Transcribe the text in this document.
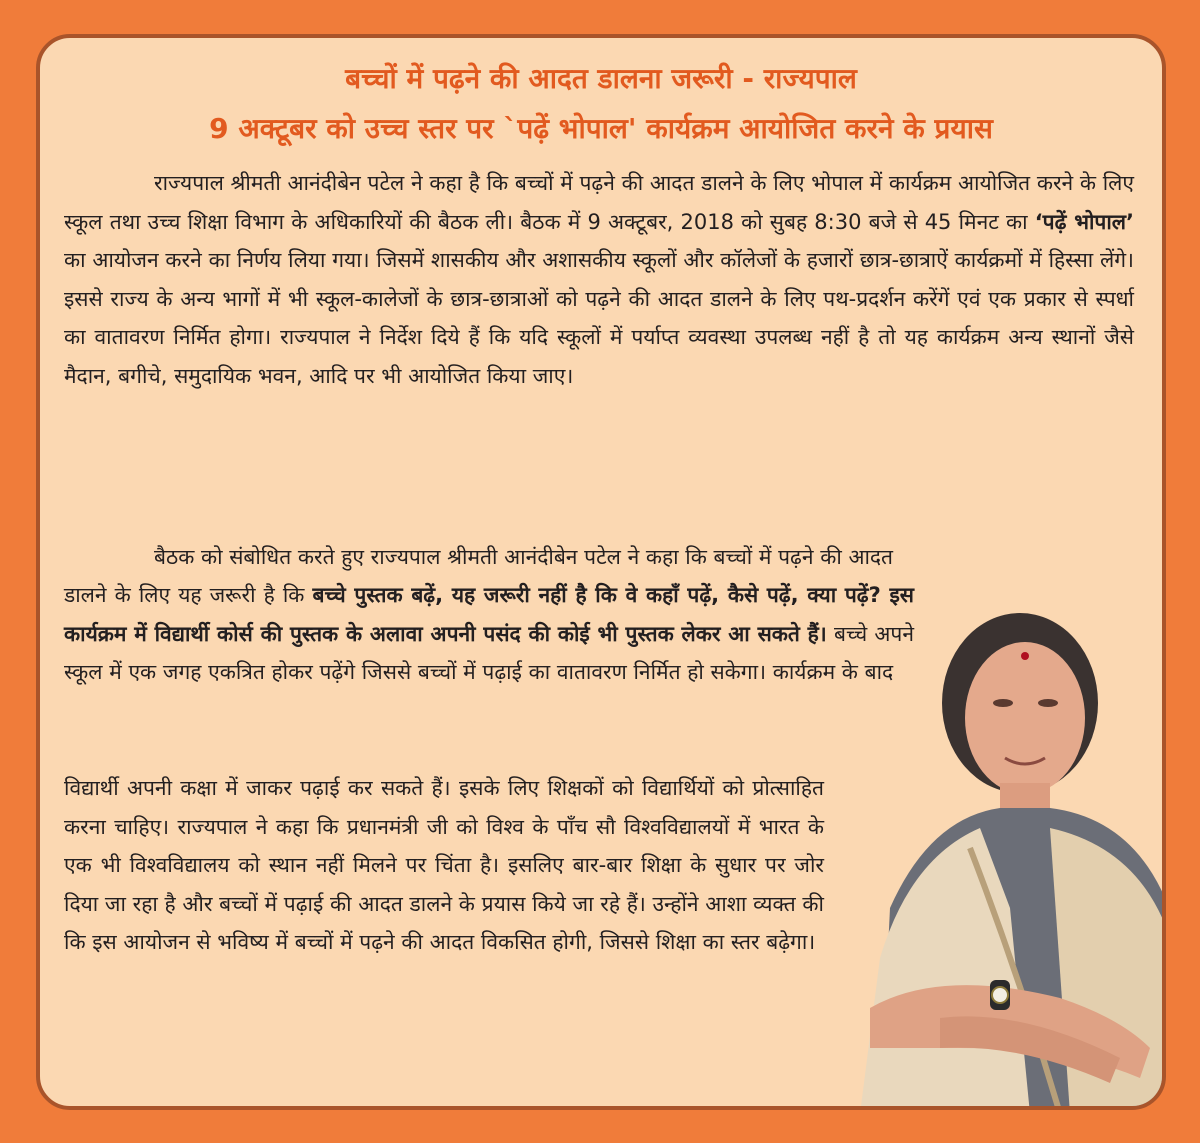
बच्चों में पढ़ने की आदत डालना जरूरी - राज्यपाल
9 अक्टूबर को उच्च स्तर पर `पढ़ें भोपाल' कार्यक्रम आयोजित करने के प्रयास

राज्यपाल श्रीमती आनंदीबेन पटेल ने कहा है कि बच्चों में पढ़ने की आदत डालने के लिए भोपाल में कार्यक्रम आयोजित करने के लिए स्कूल तथा उच्च शिक्षा विभाग के अधिकारियों की बैठक ली। बैठक में 9 अक्टूबर, 2018 को सुबह 8:30 बजे से 45 मिनट का ‘पढ़ें भोपाल’ का आयोजन करने का निर्णय लिया गया। जिसमें शासकीय और अशासकीय स्कूलों और कॉलेजों के हजारों छात्र-छात्राऐं कार्यक्रमों में हिस्सा लेंगे। इससे राज्य के अन्य भागों में भी स्कूल-कालेजों के छात्र-छात्राओं को पढ़ने की आदत डालने के लिए पथ-प्रदर्शन करेंगें एवं एक प्रकार से स्पर्धा का वातावरण निर्मित होगा। राज्यपाल ने निर्देश दिये हैं कि यदि स्कूलों में पर्याप्त व्यवस्था उपलब्ध नहीं है तो यह कार्यक्रम अन्य स्थानों जैसे मैदान, बगीचे, समुदायिक भवन, आदि पर भी आयोजित किया जाए।

बैठक को संबोधित करते हुए राज्यपाल श्रीमती आनंदीबेन पटेल ने कहा कि बच्चों में पढ़ने की आदत

डालने के लिए यह जरूरी है कि बच्चे पुस्तक बढ़ें, यह जरूरी नहीं है कि वे कहाँ पढ़ें, कैसे पढ़ें, क्या पढ़ें? इस कार्यक्रम में विद्यार्थी कोर्स की पुस्तक के अलावा अपनी पसंद की कोई भी पुस्तक लेकर आ सकते हैं। बच्चे अपने स्कूल में एक जगह एकत्रित होकर पढ़ेंगे जिससे बच्चों में पढ़ाई का वातावरण निर्मित हो सकेगा। कार्यक्रम के बाद

विद्यार्थी अपनी कक्षा में जाकर पढ़ाई कर सकते हैं। इसके लिए शिक्षकों को विद्यार्थियों को प्रोत्साहित करना चाहिए। राज्यपाल ने कहा कि प्रधानमंत्री जी को विश्व के पाँच सौ विश्वविद्यालयों में भारत के एक भी विश्वविद्यालय को स्थान नहीं मिलने पर चिंता है। इसलिए बार-बार शिक्षा के सुधार पर जोर दिया जा रहा है और बच्चों में पढ़ाई की आदत डालने के प्रयास किये जा रहे हैं। उन्होंने आशा व्यक्त की कि इस आयोजन से भविष्य में बच्चों में पढ़ने की आदत विकसित होगी, जिससे शिक्षा का स्तर बढ़ेगा।
